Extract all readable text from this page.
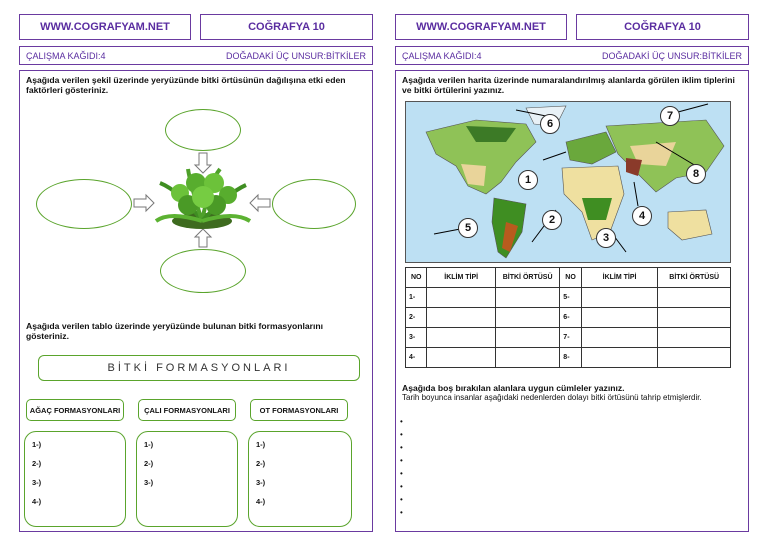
WWW.COGRAFYAM.NET	COĞRAFYA 10
ÇALIŞMA KAĞIDI:4	DOĞADAKİ ÜÇ UNSUR:BİTKİLER
Aşağıda verilen şekil üzerinde yeryüzünde bitki örtüsünün dağılışına etki eden faktörleri gösteriniz.
Aşağıda verilen tablo üzerinde yeryüzünde bulunan bitki formasyonlarını gösteriniz.
BİTKİ FORMASYONLARI
AĞAÇ FORMASYONLARI	ÇALI FORMASYONLARI	OT FORMASYONLARI
1-)
2-)
3-)
4-)
1-)
2-)
3-)
1-)
2-)
3-)
4-)
WWW.COGRAFYAM.NET	COĞRAFYA 10
ÇALIŞMA KAĞIDI:4	DOĞADAKİ ÜÇ UNSUR:BİTKİLER
Aşağıda verilen harita üzerinde numaralandırılmış alanlarda görülen iklim tiplerini ve bitki örtülerini yazınız.
1
2
3
4
5
6
7
8
NO	İKLİM TİPİ	BİTKİ ÖRTÜSÜ	NO	İKLİM TİPİ	BİTKİ ÖRTÜSÜ
1-			5-		
2-			6-		
3-			7-		
4-			8-		
Aşağıda boş bırakılan alanlara uygun cümleler yazınız.
Tarih boyunca insanlar aşağıdaki nedenlerden dolayı bitki örtüsünü tahrip etmişlerdir.
•
•
•
•
•
•
•
•
